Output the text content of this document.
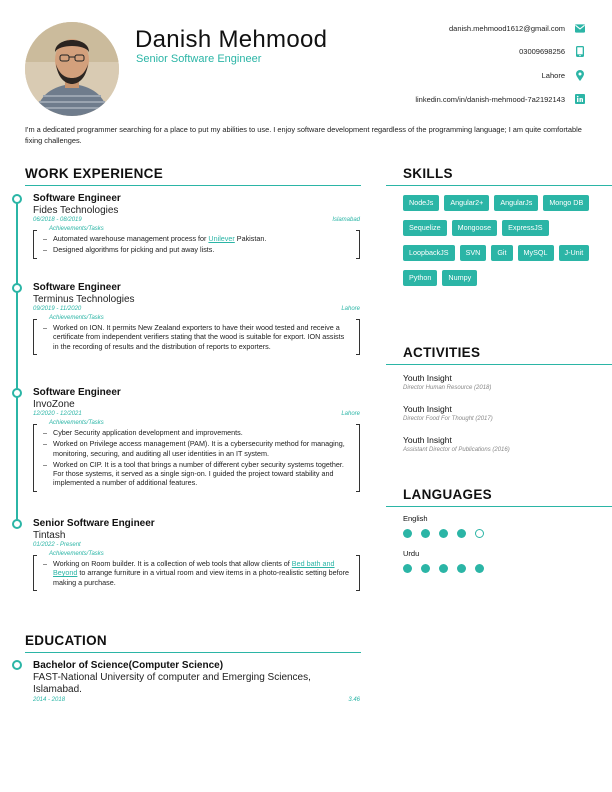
Danish Mehmood
Senior Software Engineer
danish.mehmood1612@gmail.com
03009698256
Lahore
linkedin.com/in/danish-mehmood-7a2192143
I'm a dedicated programmer searching for a place to put my abilities to use. I enjoy software development regardless of the programming language; I am quite comfortable fixing challenges.
WORK EXPERIENCE
Software Engineer
Fides Technologies
06/2018 - 08/2019	Islamabad
Achievements/Tasks
– Automated warehouse management process for Unilever Pakistan.
– Designed algorithms for picking and put away lists.
Software Engineer
Terminus Technologies
09/2019 - 11/2020	Lahore
Achievements/Tasks
– Worked on ION. It permits New Zealand exporters to have their wood tested and receive a certificate from independent verifiers stating that the wood is suitable for export. ION assists in the recording of results and the distribution of reports to exporters.
Software Engineer
InvoZone
12/2020 - 12/2021	Lahore
Achievements/Tasks
– Cyber Security application development and improvements.
– Worked on Privilege access management (PAM). It is a cybersecurity method for managing, monitoring, securing, and auditing all user identities in an IT system.
– Worked on CIP. It is a tool that brings a number of different cyber security systems together. For those systems, it served as a single sign-on. I guided the project toward stability and implemented a number of additional features.
Senior Software Engineer
Tintash
01/2022 - Present
Achievements/Tasks
– Working on Room builder. It is a collection of web tools that allow clients of Bed bath and Beyond to arrange furniture in a virtual room and view items in a photo-realistic setting before making a purchase.
EDUCATION
Bachelor of Science(Computer Science)
FAST-National University of computer and Emerging Sciences, Islamabad.
2014 - 2018	3.46
SKILLS
NodeJs	Angular2+	AngularJs	Mongo DB
Sequelize	Mongoose	ExpressJS
LoopbackJS	SVN	Git	MySQL	J-Unit
Python	Numpy
ACTIVITIES
Youth Insight
Director Human Resource (2018)
Youth Insight
Director Food For Thought (2017)
Youth Insight
Assistant Director of Publications (2016)
LANGUAGES
English
Urdu
